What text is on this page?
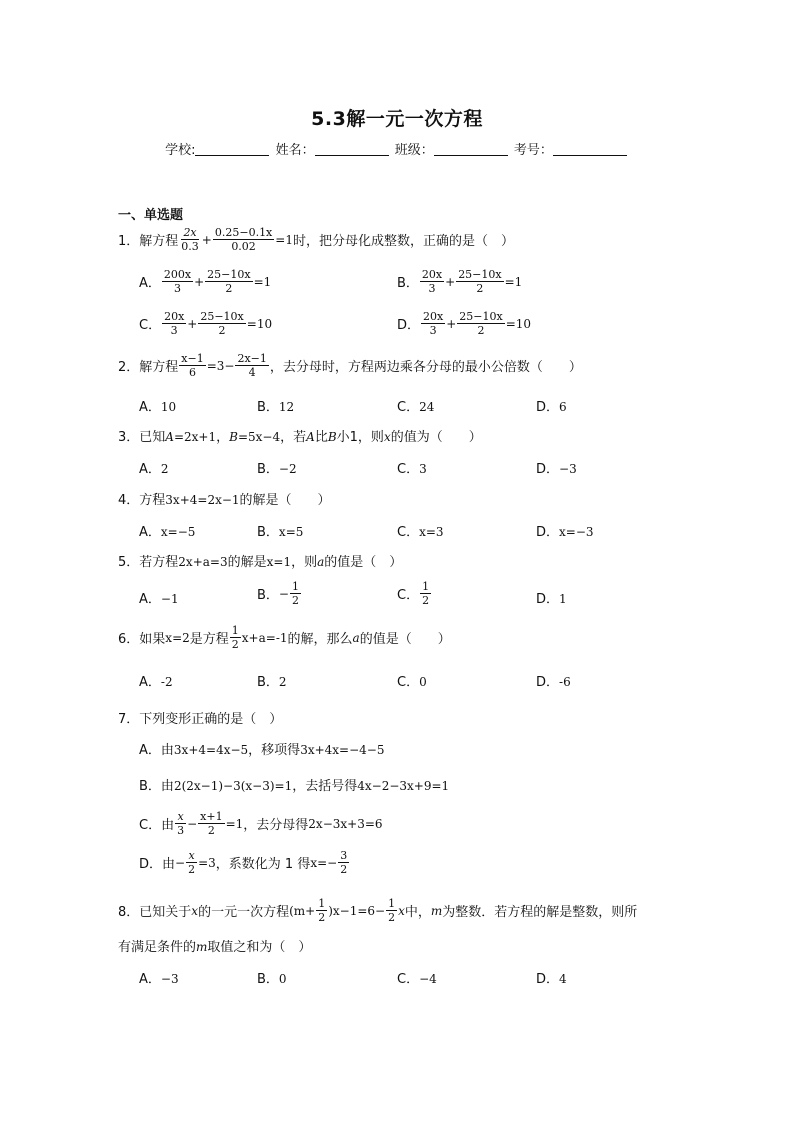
5.3解一元一次方程
学校:	姓名：	班级：	考号：
一、单选题
1． 解方程 $\frac{2x}{0.3} + \frac{0.25-0.1x}{0.02} =1$ 时，把分母化成整数，正确的是（　）
A． $\frac{200x}{3} + \frac{25-10x}{2} =1$	B． $\frac{20x}{3} + \frac{25-10x}{2} =1$
C． $\frac{20x}{3} + \frac{25-10x}{2} =10$	D． $\frac{20x}{3} + \frac{25-10x}{2} =10$
2． 解方程 $\frac{x-1}{6} =3- \frac{2x-1}{4}$ ，去分母时，方程两边乘各分母的最小公倍数（　　）
A．10	B．12	C．24	D．6
3．已知A=2x+1，B=5x−4，若A比B小1，则x的值为（　　）
A．2	B．−2	C．3	D．−3
4．方程3x+4=2x−1的解是（　　）
A．x=−5	B．x=5	C．x=3	D．x=−3
5．若方程2x+a=3的解是x=1，则a的值是（　）
A．−1	B． − $\frac{1}{2}$	C． $\frac{1}{2}$	D．1
6． 如果 x=2 是方程 $\frac{1}{2} x+a=-1$ 的解，那么 a 的值是（　　）
A．-2	B．2	C．0	D．-6
7．下列变形正确的是（　）
A．由3x+4=4x−5，移项得3x+4x=−4−5
B．由2(2x−1)−3(x−3)=1，去括号得4x−2−3x+9=1
C． 由 $\frac{x}{3} - \frac{x+1}{2} =1$ ，去分母得 2x−3x+3=6
D． 由 − $\frac{x}{2} =3$ ，系数化为 1 得 $x=- \frac{3}{2}$
8． 已知关于 x 的一元一次方程 $(m+ \frac{1}{2} )x-1=6- \frac{1}{2}$ x 中， m 为整数．若方程的解是整数，则所
有满足条件的m取值之和为（　）
A．−3	B．0	C．−4	D．4
